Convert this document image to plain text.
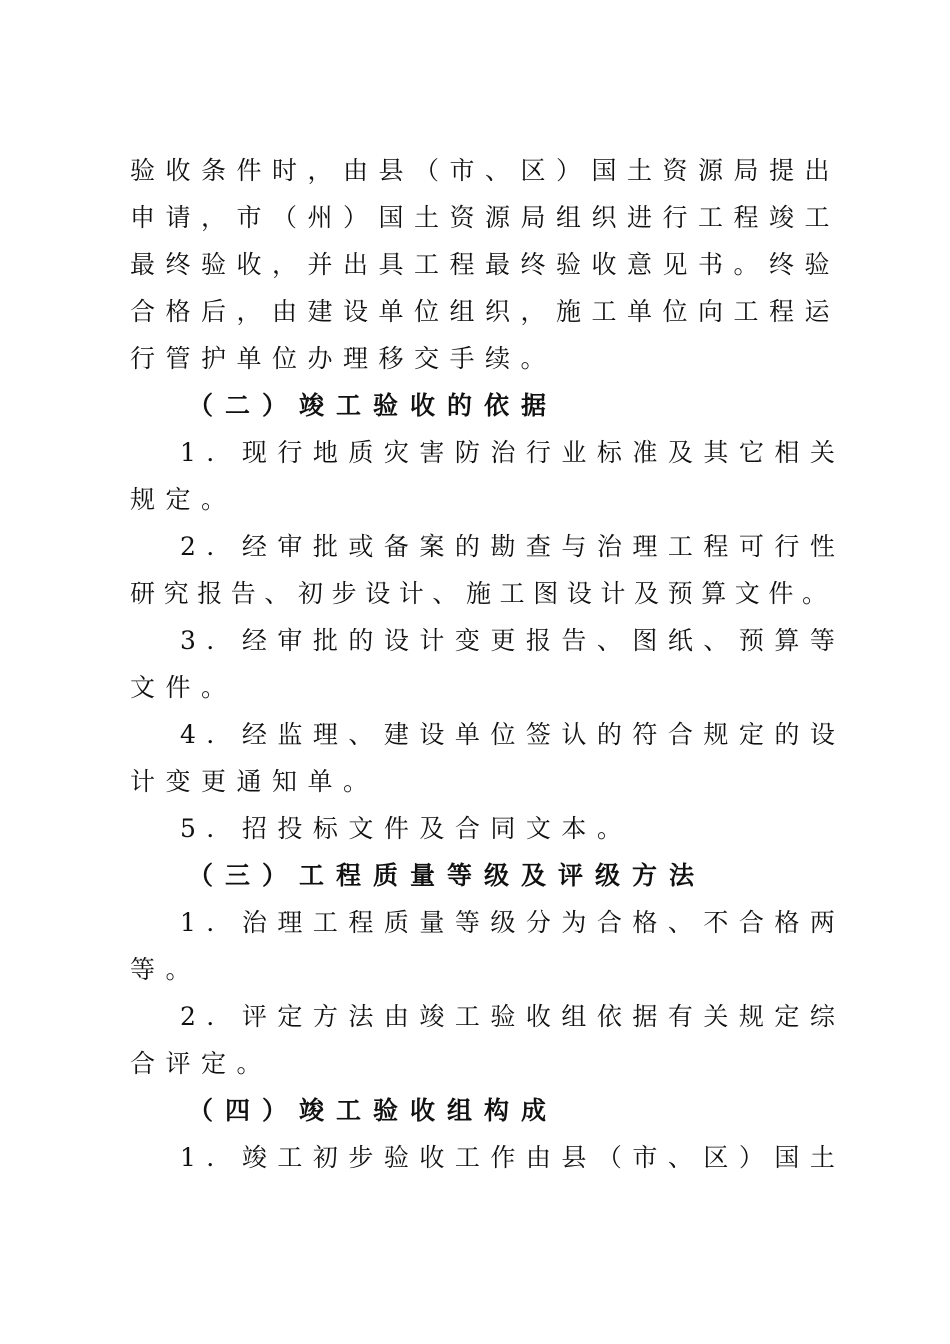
验收条件时，由县（市、区）国土资源局提出
申请，市（州）国土资源局组织进行工程竣工
最终验收，并出具工程最终验收意见书。终验
合格后，由建设单位组织，施工单位向工程运
行管护单位办理移交手续。
（二）竣工验收的依据
1．现行地质灾害防治行业标准及其它相关
规定。
2．经审批或备案的勘查与治理工程可行性
研究报告、初步设计、施工图设计及预算文件。
3．经审批的设计变更报告、图纸、预算等
文件。
4．经监理、建设单位签认的符合规定的设
计变更通知单。
5．招投标文件及合同文本。
（三）工程质量等级及评级方法
1．治理工程质量等级分为合格、不合格两
等。
2．评定方法由竣工验收组依据有关规定综
合评定。
（四）竣工验收组构成
1．竣工初步验收工作由县（市、区）国土
